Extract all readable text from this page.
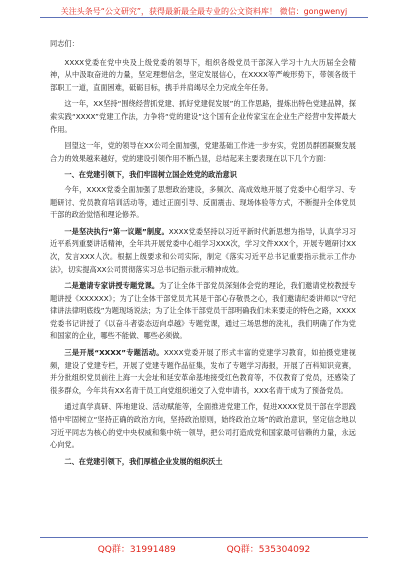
关注头条号“公文研究”，获得最新最全最专业的公文资料库！ 微信：gongwenyj

同志们：

XXXX党委在党中央及上级党委的领导下，组织各级党员干部深入学习十九大历届全会精神，从中汲取奋进的力量，坚定理想信念，坚定发展信心，在XXXX等严峻形势下，带领各级干部职工一道，直面困难，砥砺目标，携手并肩竭尽全力完成全年任务。

这一年，XX坚持“围绕经营抓党建、抓好党建促发展”的工作思路，提炼出特色党建品牌，探索实践“XXXX”党建工作法，力争将“党的建设”这个国有企业传家宝在企业生产经营中发挥最大作用。

回望这一年，党的领导在XX公司全面加强，党建基础工作进一步夯实，党团员群团凝聚发展合力的效果越来越好，党的建设引领作用不断凸显，总结起来主要表现在以下几个方面：

一、在党建引领下，我们牢固树立国企姓党的政治意识

今年，XXXX党委全面加强了思想政治建设，多频次、高成效地开展了党委中心组学习、专题研讨、党员教育培训活动等，通过正面引导、反面震击、现场体验等方式，不断提升全体党员干部的政治觉悟和理论修养。

一是坚决执行“第一议题”制度。XXXX党委坚持以习近平新时代新思想为指导，认真学习习近平系列重要讲话精神，全年共开展党委中心组学习XXX次，学习文件XXX个，开展专题研讨XX次，发言XXX人次。根据上级要求和公司实际，制定《落实习近平总书记重要指示批示工作办法》，切实提高XX公司贯彻落实习总书记指示批示精神成效。

二是邀请专家讲授专题党课。为了让全体干部党员深刻体会党的理论，我们邀请党校教授专题讲授《XXXXXX》；为了让全体干部党员尤其是干部心存敬畏之心，我们邀请纪委讲师以“守纪律讲法律明底线”为题现场说法；为了让全体干部党员干部明确我们未来要走的特色之路，XXXX党委书记讲授了《以奋斗者姿态迈向卓越》专题党课，通过三场思想的洗礼，我们明确了作为党和国家的企业，哪些不能做、哪些必须做。

三是开展“XXXX”专题活动。XXXX党委开展了形式丰富的党建学习教育，如拍摄党建视频，建设了党建专栏，开展了党建专题作品征集，发布了专题学习海报，开展了百科知识竞赛，并分批组织党员前往上海一大会址和延安革命基地接受红色教育等，不仅教育了党员，还感染了很多群众，今年共有XX名青干员工向党组织递交了入党申请书，XXX名青干成为了预备党员。

通过真学真研、阵地建设、活动赋能等，全面推进党建工作，促进XXXX党员干部在学思践悟中牢固树立“坚持正确的政治方向，坚持政治原则，始终政治立场”的政治意识，坚定信念地以习近平同志为核心的党中央权威和集中统一领导，把公司打造成党和国家最可信赖的力量，永远心向党。

二、在党建引领下，我们厚植企业发展的组织沃土

QQ群：31991489	QQ群：535304092
